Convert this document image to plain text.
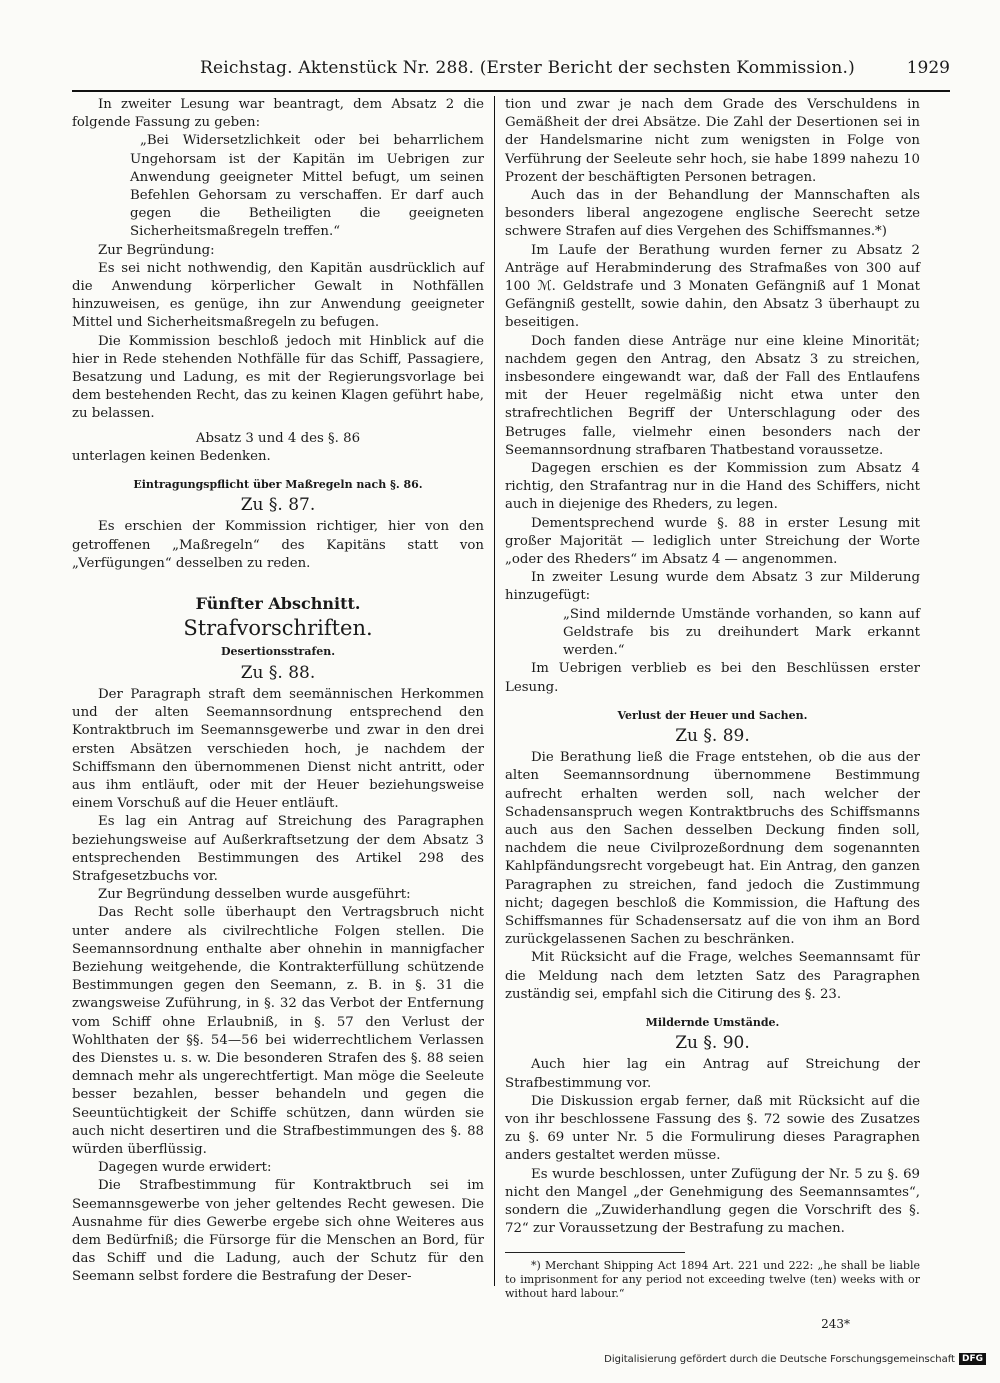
Reichstag. Aktenstück Nr. 288. (Erster Bericht der sechsten Kommission.)	1929

In zweiter Lesung war beantragt, dem Absatz 2 die folgende Fassung zu geben:

„Bei Widersetzlichkeit oder bei beharrlichem Ungehorsam ist der Kapitän im Uebrigen zur Anwendung geeigneter Mittel befugt, um seinen Befehlen Gehorsam zu verschaffen. Er darf auch gegen die Betheiligten die geeigneten Sicherheitsmaßregeln treffen.“

Zur Begründung:

Es sei nicht nothwendig, den Kapitän ausdrücklich auf die Anwendung körperlicher Gewalt in Nothfällen hinzuweisen, es genüge, ihn zur Anwendung geeigneter Mittel und Sicherheitsmaßregeln zu befugen.

Die Kommission beschloß jedoch mit Hinblick auf die hier in Rede stehenden Nothfälle für das Schiff, Passagiere, Besatzung und Ladung, es mit der Regierungsvorlage bei dem bestehenden Recht, das zu keinen Klagen geführt habe, zu belassen.

Absatz 3 und 4 des §. 86

unterlagen keinen Bedenken.

Eintragungspflicht über Maßregeln nach §. 86.
Zu §. 87.

Es erschien der Kommission richtiger, hier von den getroffenen „Maßregeln“ des Kapitäns statt von „Verfügungen“ desselben zu reden.

Fünfter Abschnitt.
Strafvorschriften.
Desertionsstrafen.
Zu §. 88.

Der Paragraph straft dem seemännischen Herkommen und der alten Seemannsordnung entsprechend den Kontraktbruch im Seemannsgewerbe und zwar in den drei ersten Absätzen verschieden hoch, je nachdem der Schiffsmann den übernommenen Dienst nicht antritt, oder aus ihm entläuft, oder mit der Heuer beziehungsweise einem Vorschuß auf die Heuer entläuft.

Es lag ein Antrag auf Streichung des Paragraphen beziehungsweise auf Außerkraftsetzung der dem Absatz 3 entsprechenden Bestimmungen des Artikel 298 des Strafgesetzbuchs vor.

Zur Begründung desselben wurde ausgeführt:

Das Recht solle überhaupt den Vertragsbruch nicht unter andere als civilrechtliche Folgen stellen. Die Seemannsordnung enthalte aber ohnehin in mannigfacher Beziehung weitgehende, die Kontrakterfüllung schützende Bestimmungen gegen den Seemann, z. B. in §. 31 die zwangsweise Zuführung, in §. 32 das Verbot der Entfernung vom Schiff ohne Erlaubniß, in §. 57 den Verlust der Wohlthaten der §§. 54—56 bei widerrechtlichem Verlassen des Dienstes u. s. w. Die besonderen Strafen des §. 88 seien demnach mehr als ungerechtfertigt. Man möge die Seeleute besser bezahlen, besser behandeln und gegen die Seeuntüchtigkeit der Schiffe schützen, dann würden sie auch nicht desertiren und die Strafbestimmungen des §. 88 würden überflüssig.

Dagegen wurde erwidert:

Die Strafbestimmung für Kontraktbruch sei im Seemannsgewerbe von jeher geltendes Recht gewesen. Die Ausnahme für dies Gewerbe ergebe sich ohne Weiteres aus dem Bedürfniß; die Fürsorge für die Menschen an Bord, für das Schiff und die Ladung, auch der Schutz für den Seemann selbst fordere die Bestrafung der Deser-

tion und zwar je nach dem Grade des Verschuldens in Gemäßheit der drei Absätze. Die Zahl der Desertionen sei in der Handelsmarine nicht zum wenigsten in Folge von Verführung der Seeleute sehr hoch, sie habe 1899 nahezu 10 Prozent der beschäftigten Personen betragen.

Auch das in der Behandlung der Mannschaften als besonders liberal angezogene englische Seerecht setze schwere Strafen auf dies Vergehen des Schiffsmannes.*)

Im Laufe der Berathung wurden ferner zu Absatz 2 Anträge auf Herabminderung des Strafmaßes von 300 auf 100 ℳ. Geldstrafe und 3 Monaten Gefängniß auf 1 Monat Gefängniß gestellt, sowie dahin, den Absatz 3 überhaupt zu beseitigen.

Doch fanden diese Anträge nur eine kleine Minorität; nachdem gegen den Antrag, den Absatz 3 zu streichen, insbesondere eingewandt war, daß der Fall des Entlaufens mit der Heuer regelmäßig nicht etwa unter den strafrechtlichen Begriff der Unterschlagung oder des Betruges falle, vielmehr einen besonders nach der Seemannsordnung strafbaren Thatbestand voraussetze.

Dagegen erschien es der Kommission zum Absatz 4 richtig, den Strafantrag nur in die Hand des Schiffers, nicht auch in diejenige des Rheders, zu legen.

Dementsprechend wurde §. 88 in erster Lesung mit großer Majorität — lediglich unter Streichung der Worte „oder des Rheders“ im Absatz 4 — angenommen.

In zweiter Lesung wurde dem Absatz 3 zur Milderung hinzugefügt:

„Sind mildernde Umstände vorhanden, so kann auf Geldstrafe bis zu dreihundert Mark erkannt werden.“

Im Uebrigen verblieb es bei den Beschlüssen erster Lesung.

Verlust der Heuer und Sachen.
Zu §. 89.

Die Berathung ließ die Frage entstehen, ob die aus der alten Seemannsordnung übernommene Bestimmung aufrecht erhalten werden soll, nach welcher der Schadensanspruch wegen Kontraktbruchs des Schiffsmanns auch aus den Sachen desselben Deckung finden soll, nachdem die neue Civilprozeßordnung dem sogenannten Kahlpfändungsrecht vorgebeugt hat. Ein Antrag, den ganzen Paragraphen zu streichen, fand jedoch die Zustimmung nicht; dagegen beschloß die Kommission, die Haftung des Schiffsmannes für Schadensersatz auf die von ihm an Bord zurückgelassenen Sachen zu beschränken.

Mit Rücksicht auf die Frage, welches Seemannsamt für die Meldung nach dem letzten Satz des Paragraphen zuständig sei, empfahl sich die Citirung des §. 23.

Mildernde Umstände.
Zu §. 90.

Auch hier lag ein Antrag auf Streichung der Strafbestimmung vor.

Die Diskussion ergab ferner, daß mit Rücksicht auf die von ihr beschlossene Fassung des §. 72 sowie des Zusatzes zu §. 69 unter Nr. 5 die Formulirung dieses Paragraphen anders gestaltet werden müsse.

Es wurde beschlossen, unter Zufügung der Nr. 5 zu §. 69 nicht den Mangel „der Genehmigung des Seemannsamtes“, sondern die „Zuwiderhandlung gegen die Vorschrift des §. 72“ zur Voraussetzung der Bestrafung zu machen.

*) Merchant Shipping Act 1894 Art. 221 und 222: „he shall be liable to imprisonment for any period not exceeding twelve (ten) weeks with or without hard labour.“

243*
Digitalisierung gefördert durch die Deutsche Forschungsgemeinschaft DFG
